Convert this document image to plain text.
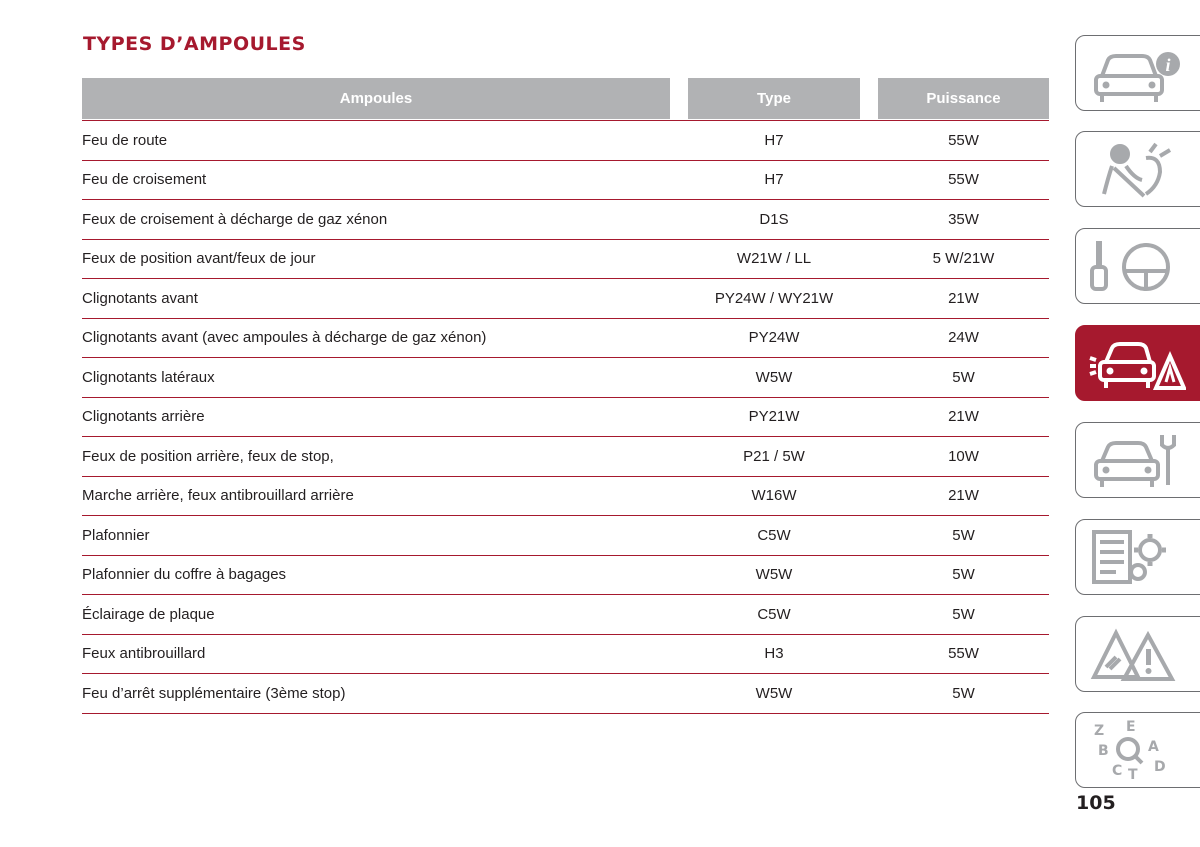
TYPES D’AMPOULES
Ampoules	Type	Puissance
Feu de route	H7	55W
Feu de croisement	H7	55W
Feux de croisement à décharge de gaz xénon	D1S	35W
Feux de position avant/feux de jour	W21W / LL	5 W/21W
Clignotants avant	PY24W / WY21W	21W
Clignotants avant (avec ampoules à décharge de gaz xénon)	PY24W	24W
Clignotants latéraux	W5W	5W
Clignotants arrière	PY21W	21W
Feux de position arrière, feux de stop,	P21 / 5W	10W
Marche arrière, feux antibrouillard arrière	W16W	21W
Plafonnier	C5W	5W
Plafonnier du coffre à bagages	W5W	5W
Éclairage de plaque	C5W	5W
Feux antibrouillard	H3	55W
Feu d’arrêt supplémentaire (3ème stop)	W5W	5W
i
Z E
B	A
C D
T
105
